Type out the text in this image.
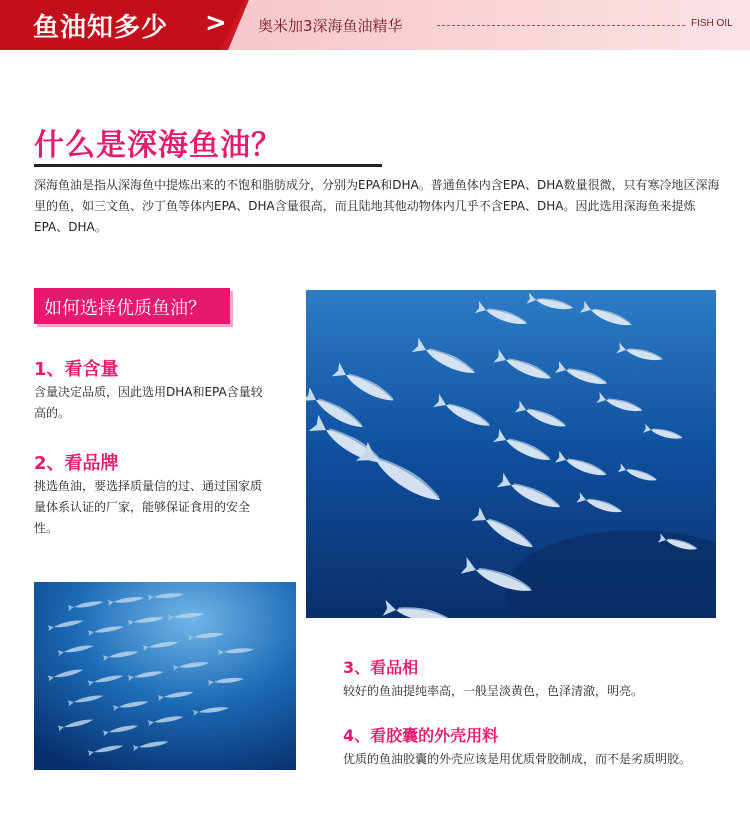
鱼油知多少 > 奥米加3深海鱼油精华	FISH OIL
什么是深海鱼油？
深海鱼油是指从深海鱼中提炼出来的不饱和脂肪成分，分别为EPA和DHA。普通鱼体内含EPA、DHA数量很微，只有寒冷地区深海里的鱼，如三文鱼、沙丁鱼等体内EPA、DHA含量很高，而且陆地其他动物体内几乎不含EPA、DHA。因此选用深海鱼来提炼EPA、DHA。
如何选择优质鱼油？
1、看含量
含量决定品质，因此选用DHA和EPA含量较高的。
2、看品牌
挑选鱼油，要选择质量信的过、通过国家质量体系认证的厂家，能够保证食用的安全性。
3、看品相
较好的鱼油提纯率高，一般呈淡黄色，色泽清澈，明亮。
4、看胶囊的外壳用料
优质的鱼油胶囊的外壳应该是用优质骨胶制成，而不是劣质明胶。
